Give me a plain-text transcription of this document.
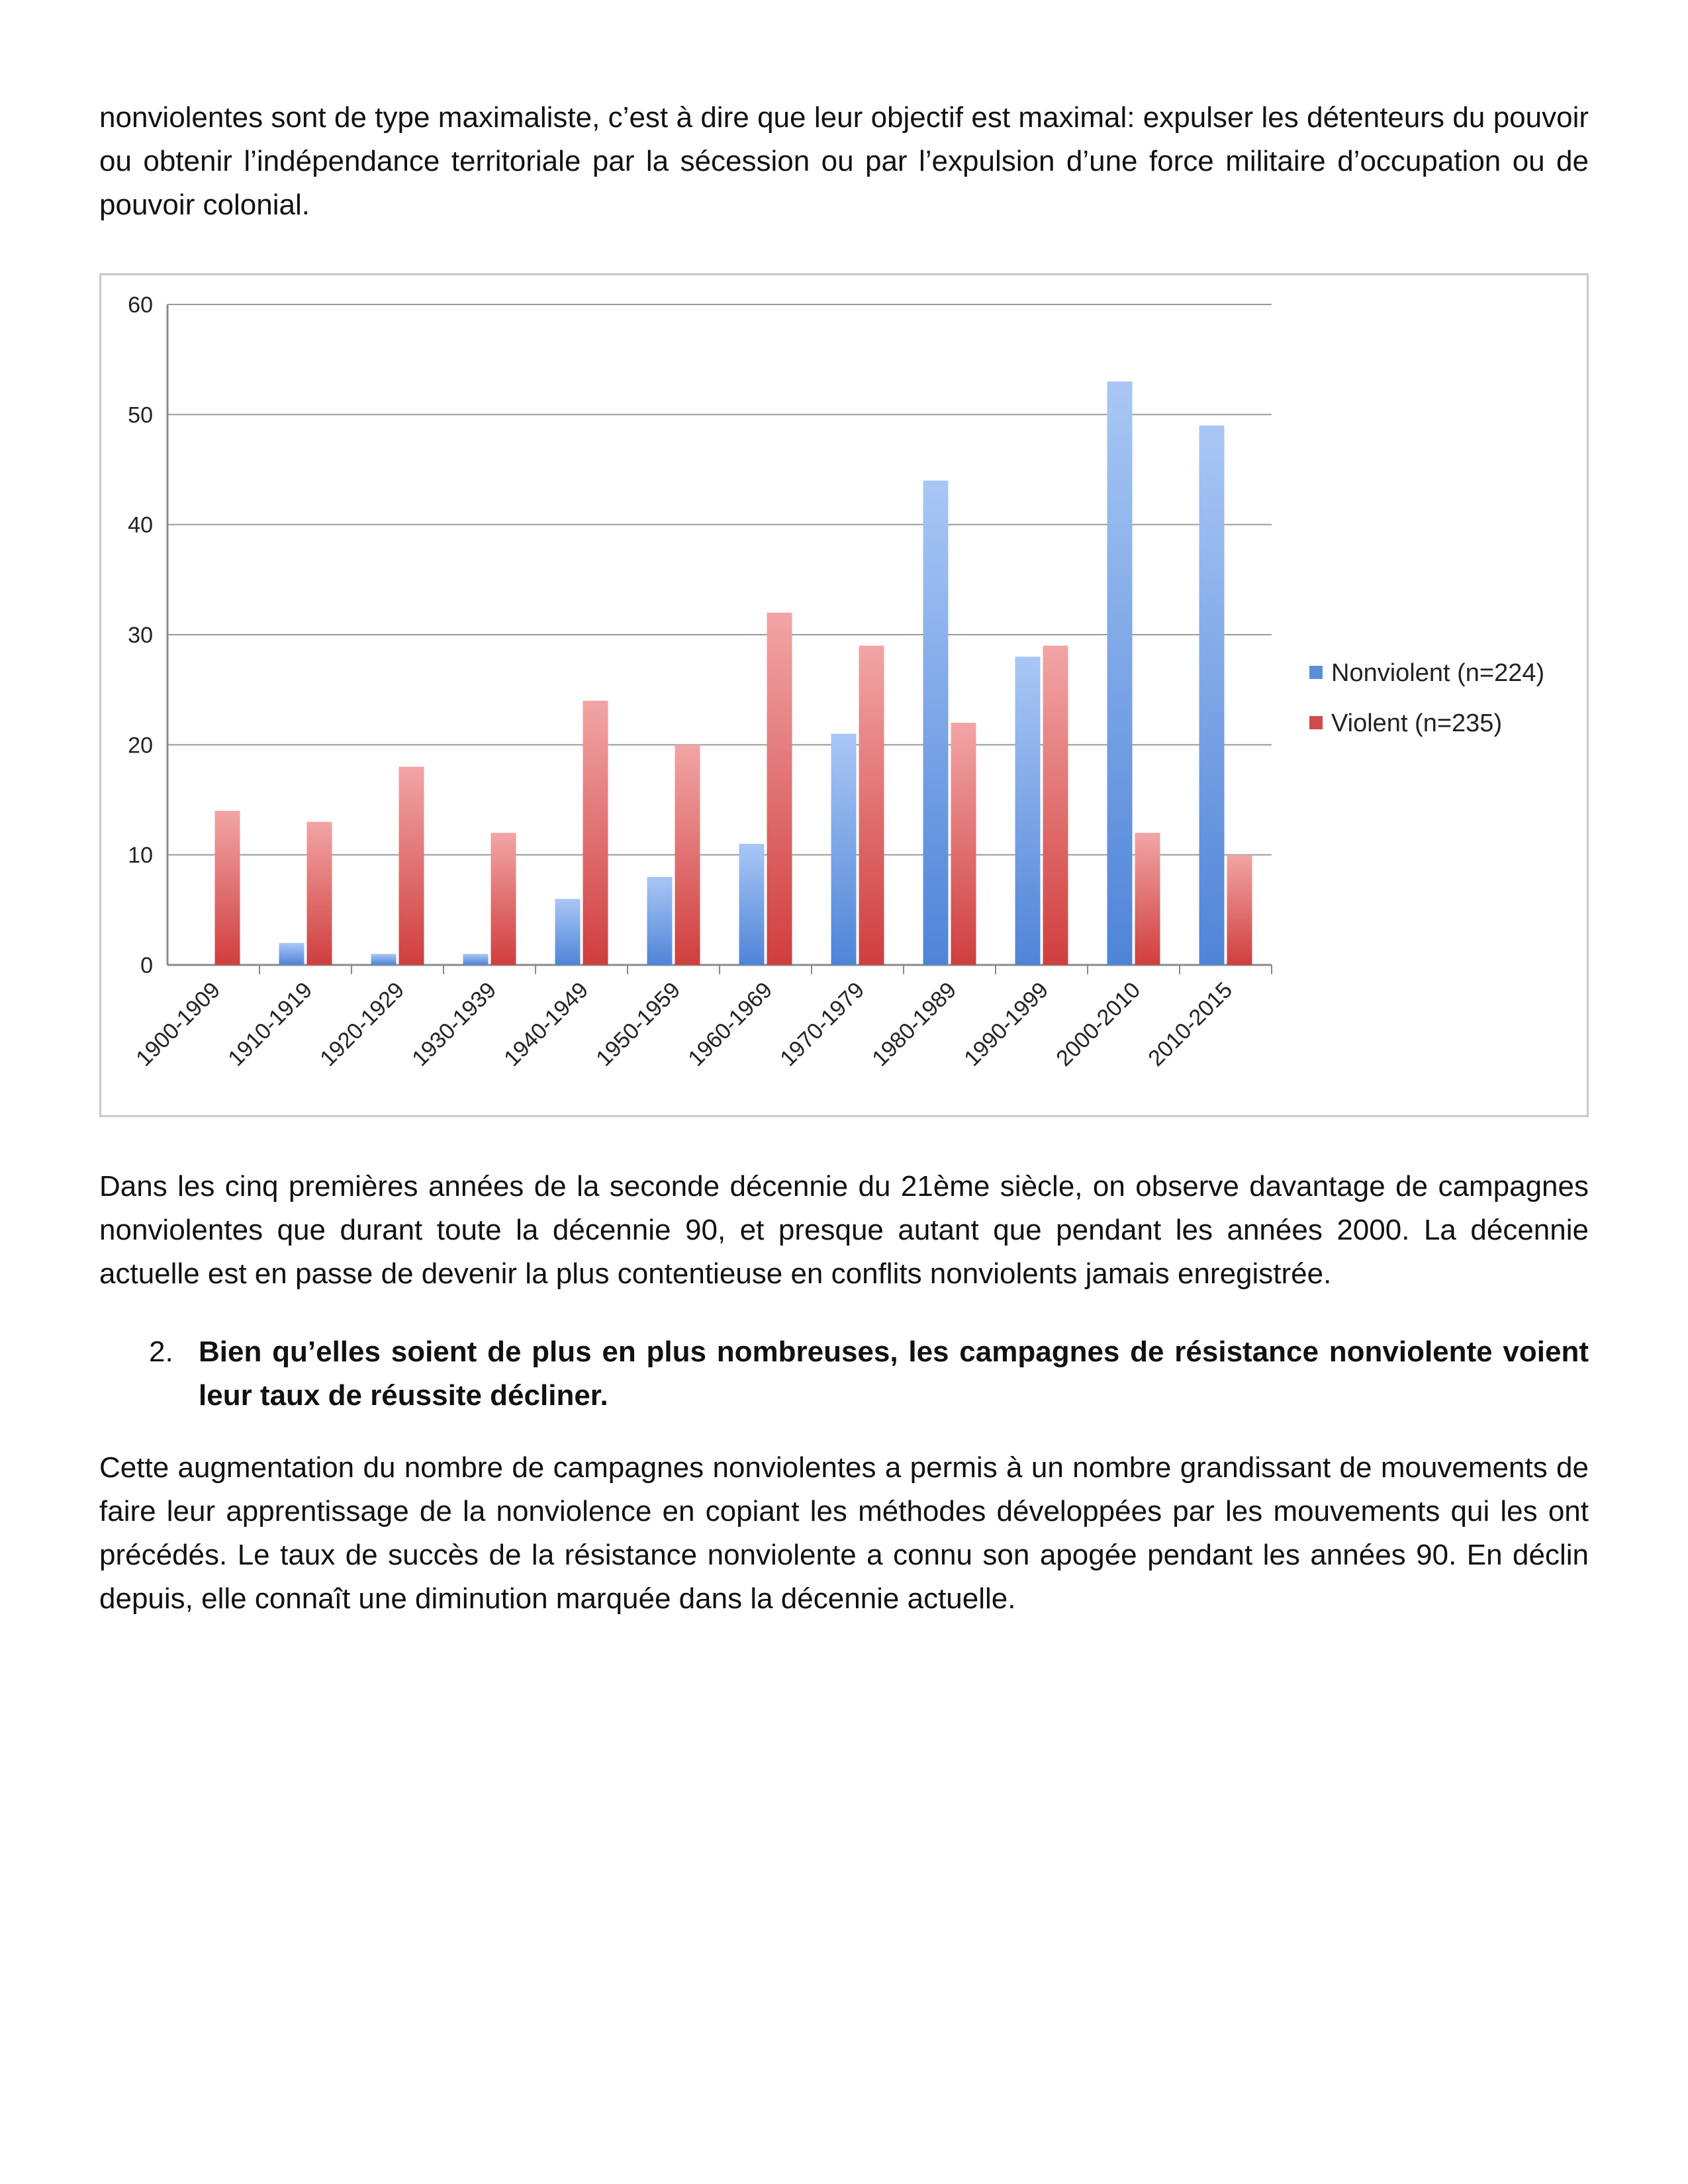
nonviolentes sont de type maximaliste, c’est à dire que leur objectif est maximal: expulser les détenteurs du pouvoir ou obtenir l’indépendance territoriale par la sécession ou par l’expulsion d’une force militaire d’occupation ou de pouvoir colonial.

0
10
20
30
40
50
60
1900-1909
1910-1919
1920-1929
1930-1939
1940-1949
1950-1959
1960-1969
1970-1979
1980-1989
1990-1999
2000-2010
2010-2015
Nonviolent (n=224)
Violent (n=235)

Dans les cinq premières années de la seconde décennie du 21ème siècle, on observe davantage de campagnes nonviolentes que durant toute la décennie 90, et presque autant que pendant les années 2000. La décennie actuelle est en passe de devenir la plus contentieuse en conflits nonviolents jamais enregistrée.

2. Bien qu’elles soient de plus en plus nombreuses, les campagnes de résistance nonviolente voient leur taux de réussite décliner.

Cette augmentation du nombre de campagnes nonviolentes a permis à un nombre grandissant de mouvements de faire leur apprentissage de la nonviolence en copiant les méthodes développées par les mouvements qui les ont précédés. Le taux de succès de la résistance nonviolente a connu son apogée pendant les années 90. En déclin depuis, elle connaît une diminution marquée dans la décennie actuelle.
